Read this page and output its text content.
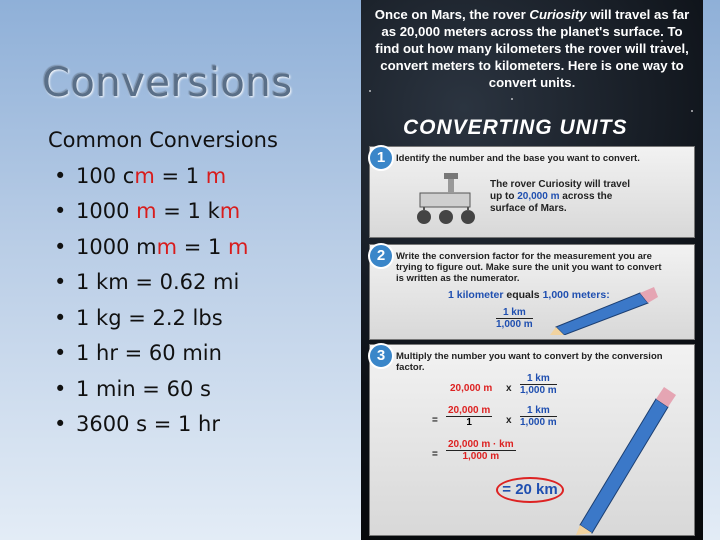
Conversions
Common Conversions
• 100 cm = 1 m
• 1000 m = 1 km
• 1000 mm = 1 m
• 1 km = 0.62 mi
• 1 kg = 2.2 lbs
• 1 hr = 60 min
• 1 min = 60 s
• 3600 s = 1 hr
Once on Mars, the rover Curiosity will travel as far as 20,000 meters across the planet's surface. To find out how many kilometers the rover will travel, convert meters to kilometers. Here is one way to convert units.
CONVERTING UNITS
1	Identify the number and the base you want to convert.
The rover Curiosity will travel
up to 20,000 m across the
surface of Mars.
2	Write the conversion factor for the measurement you are
trying to figure out. Make sure the unit you want to convert
is written as the numerator.
1 kilometer equals 1,000 meters:
$\frac{1 km}{1,000 m}$
3	Multiply the number you want to convert by the conversion
factor.
20,000 m x $\frac{1 km}{1,000 m}$
= $\frac{20,000 m}{1}$ x $\frac{1 km}{1,000 m}$
= $\frac{20,000 m \cdot km}{1,000 m}$
= 20 km
